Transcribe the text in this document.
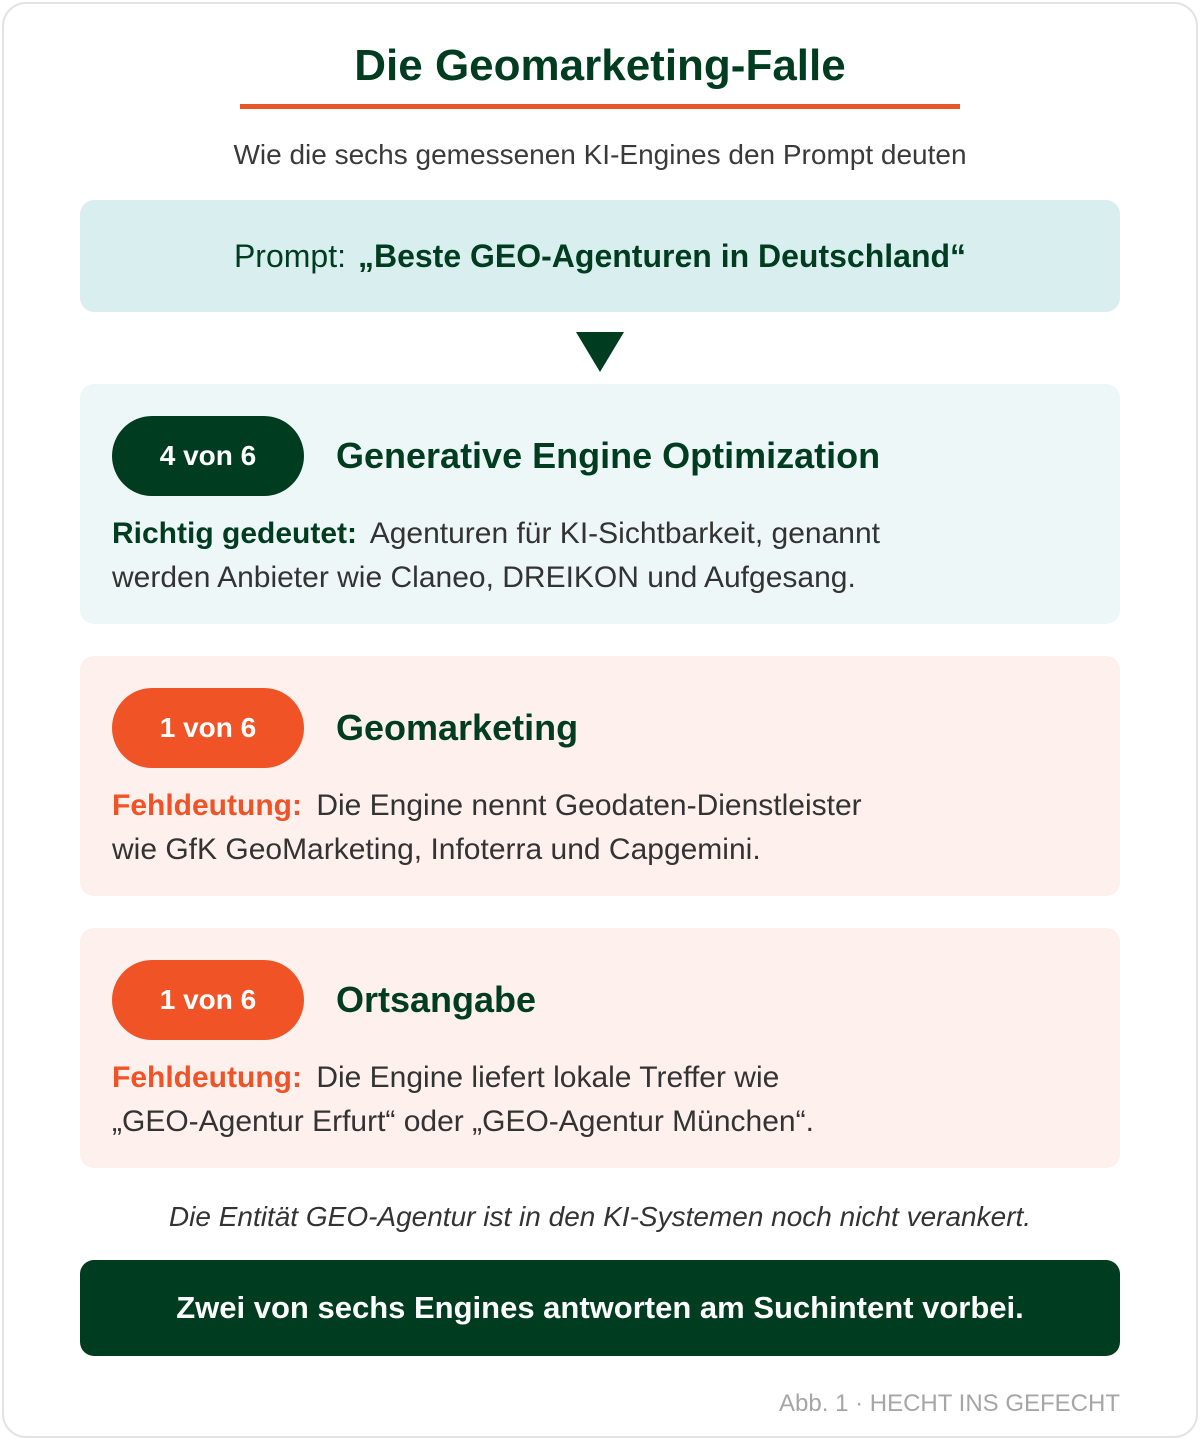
Die Geomarketing-Falle
Wie die sechs gemessenen KI-Engines den Prompt deuten
Prompt: „Beste GEO-Agenturen in Deutschland“
4 von 6	Generative Engine Optimization
Richtig gedeutet: Agenturen für KI-Sichtbarkeit, genannt
werden Anbieter wie Claneo, DREIKON und Aufgesang.
1 von 6	Geomarketing
Fehldeutung: Die Engine nennt Geodaten-Dienstleister
wie GfK GeoMarketing, Infoterra und Capgemini.
1 von 6	Ortsangabe
Fehldeutung: Die Engine liefert lokale Treffer wie
„GEO-Agentur Erfurt“ oder „GEO-Agentur München“.
Die Entität GEO-Agentur ist in den KI-Systemen noch nicht verankert.
Zwei von sechs Engines antworten am Suchintent vorbei.
Abb. 1 · HECHT INS GEFECHT
